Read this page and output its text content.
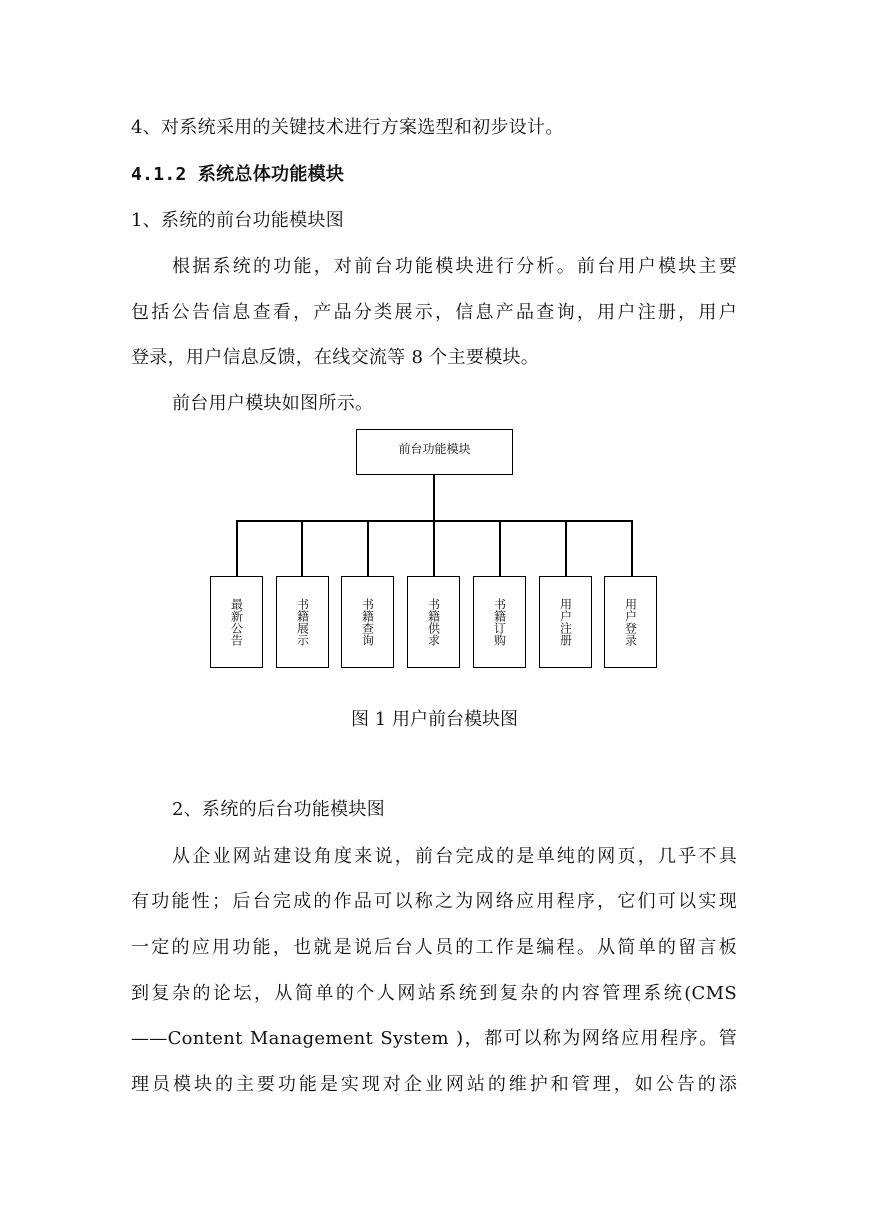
4、对系统采用的关键技术进行方案选型和初步设计。
4.1.2 系统总体功能模块
1、系统的前台功能模块图
根据系统的功能，对前台功能模块进行分析。前台用户模块主要
包括公告信息查看，产品分类展示，信息产品查询，用户注册，用户
登录，用户信息反馈，在线交流等 8 个主要模块。
前台用户模块如图所示。
前台功能模块
最新公告	书籍展示	书籍查询	书籍供求	书籍订购	用户注册	用户登录
图 1 用户前台模块图
2、系统的后台功能模块图
从企业网站建设角度来说，前台完成的是单纯的网页，几乎不具
有功能性；后台完成的作品可以称之为网络应用程序，它们可以实现
一定的应用功能，也就是说后台人员的工作是编程。从简单的留言板
到复杂的论坛，从简单的个人网站系统到复杂的内容管理系统(CMS
——Content Management System )，都可以称为网络应用程序。管
理员模块的主要功能是实现对企业网站的维护和管理，如公告的添
